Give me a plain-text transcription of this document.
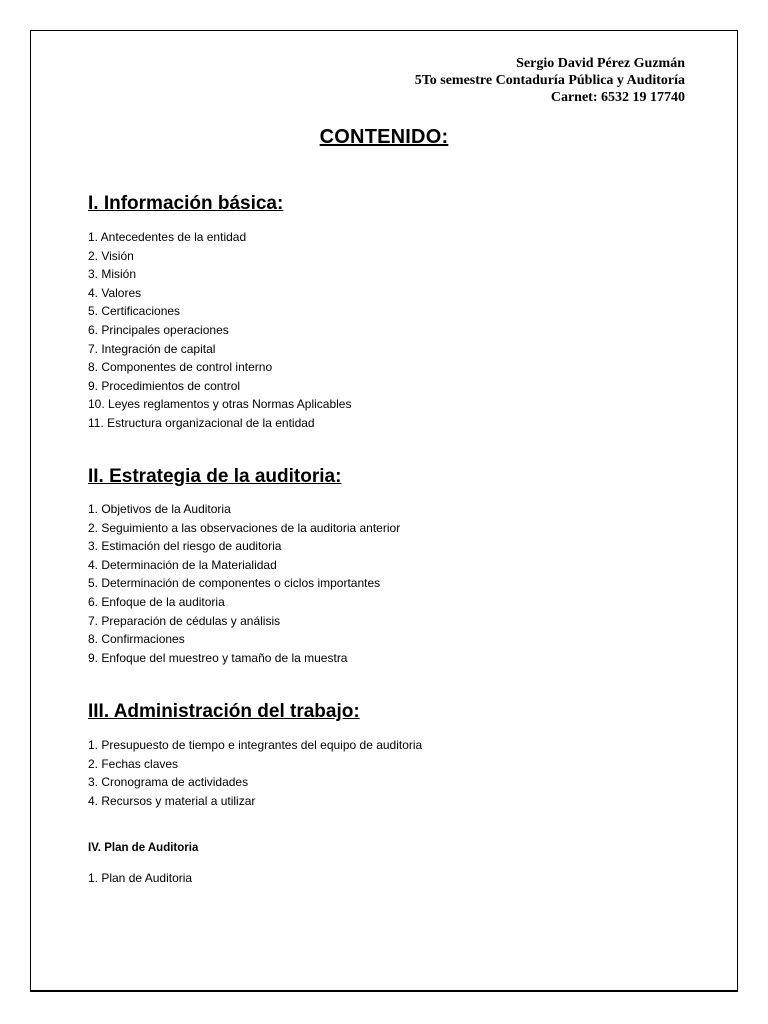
Sergio David Pérez Guzmán
5To semestre Contaduría Pública y Auditoría
Carnet: 6532 19 17740
CONTENIDO:
I. Información básica:
1. Antecedentes de la entidad
2. Visión
3. Misión
4. Valores
5. Certificaciones
6. Principales operaciones
7. Integración de capital
8. Componentes de control interno
9. Procedimientos de control
10. Leyes reglamentos y otras Normas Aplicables
11. Estructura organizacional de la entidad
II. Estrategia de la auditoria:
1. Objetivos de la Auditoria
2. Seguimiento a las observaciones de la auditoria anterior
3. Estimación del riesgo de auditoria
4. Determinación de la Materialidad
5. Determinación de componentes o ciclos importantes
6. Enfoque de la auditoria
7. Preparación de cédulas y análisis
8. Confirmaciones
9. Enfoque del muestreo y tamaño de la muestra
III. Administración del trabajo:
1. Presupuesto de tiempo e integrantes del equipo de auditoria
2. Fechas claves
3. Cronograma de actividades
4. Recursos y material a utilizar
IV. Plan de Auditoria
1. Plan de Auditoria
